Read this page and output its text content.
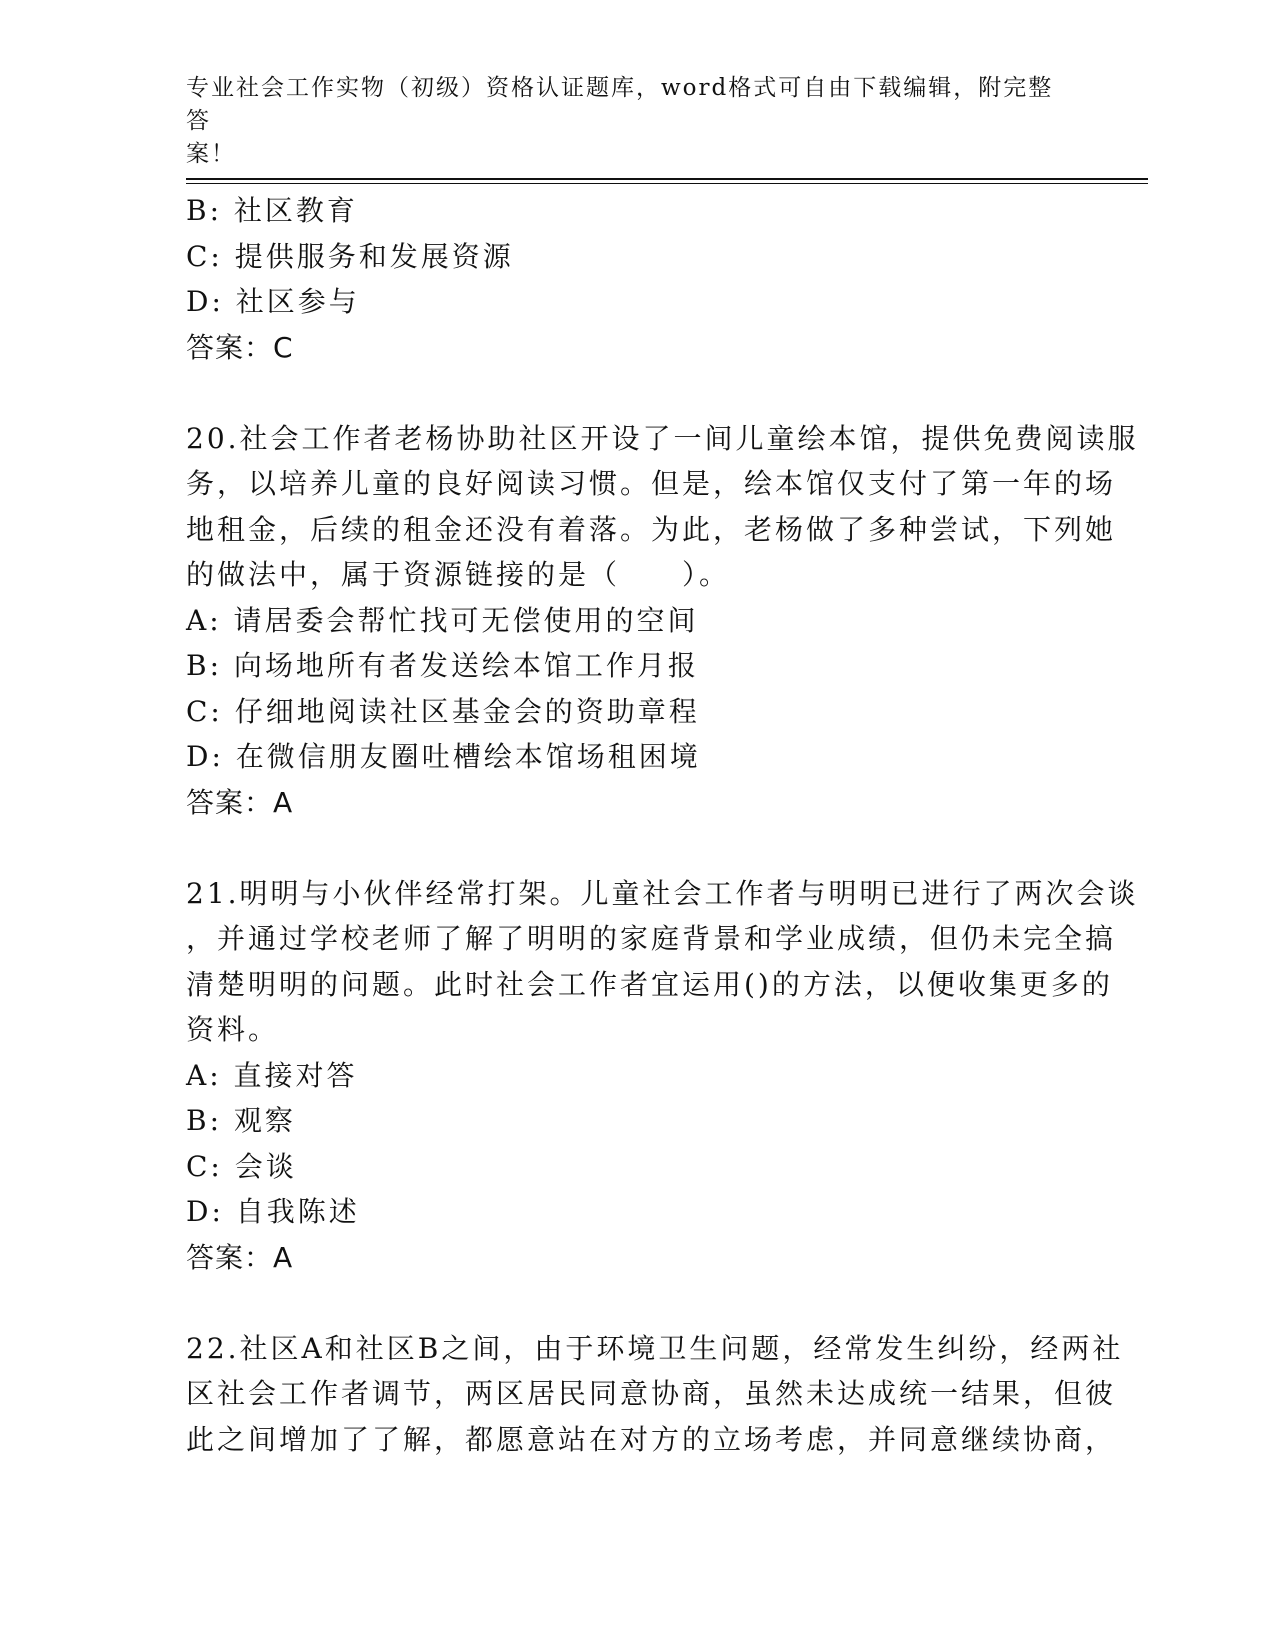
专业社会工作实物（初级）资格认证题库，word格式可自由下载编辑，附完整答
案！
B: 社区教育
C: 提供服务和发展资源
D: 社区参与
答案：C
20.社会工作者老杨协助社区开设了一间儿童绘本馆，提供免费阅读服
务，以培养儿童的良好阅读习惯。但是，绘本馆仅支付了第一年的场
地租金，后续的租金还没有着落。为此，老杨做了多种尝试，下列她
的做法中，属于资源链接的是（　　）。
A: 请居委会帮忙找可无偿使用的空间
B: 向场地所有者发送绘本馆工作月报
C: 仔细地阅读社区基金会的资助章程
D: 在微信朋友圈吐槽绘本馆场租困境
答案：A
21.明明与小伙伴经常打架。儿童社会工作者与明明已进行了两次会谈
，并通过学校老师了解了明明的家庭背景和学业成绩，但仍未完全搞
清楚明明的问题。此时社会工作者宜运用()的方法，以便收集更多的
资料。
A: 直接对答
B: 观察
C: 会谈
D: 自我陈述
答案：A
22.社区A和社区B之间，由于环境卫生问题，经常发生纠纷，经两社
区社会工作者调节，两区居民同意协商，虽然未达成统一结果，但彼
此之间增加了了解，都愿意站在对方的立场考虑，并同意继续协商，
